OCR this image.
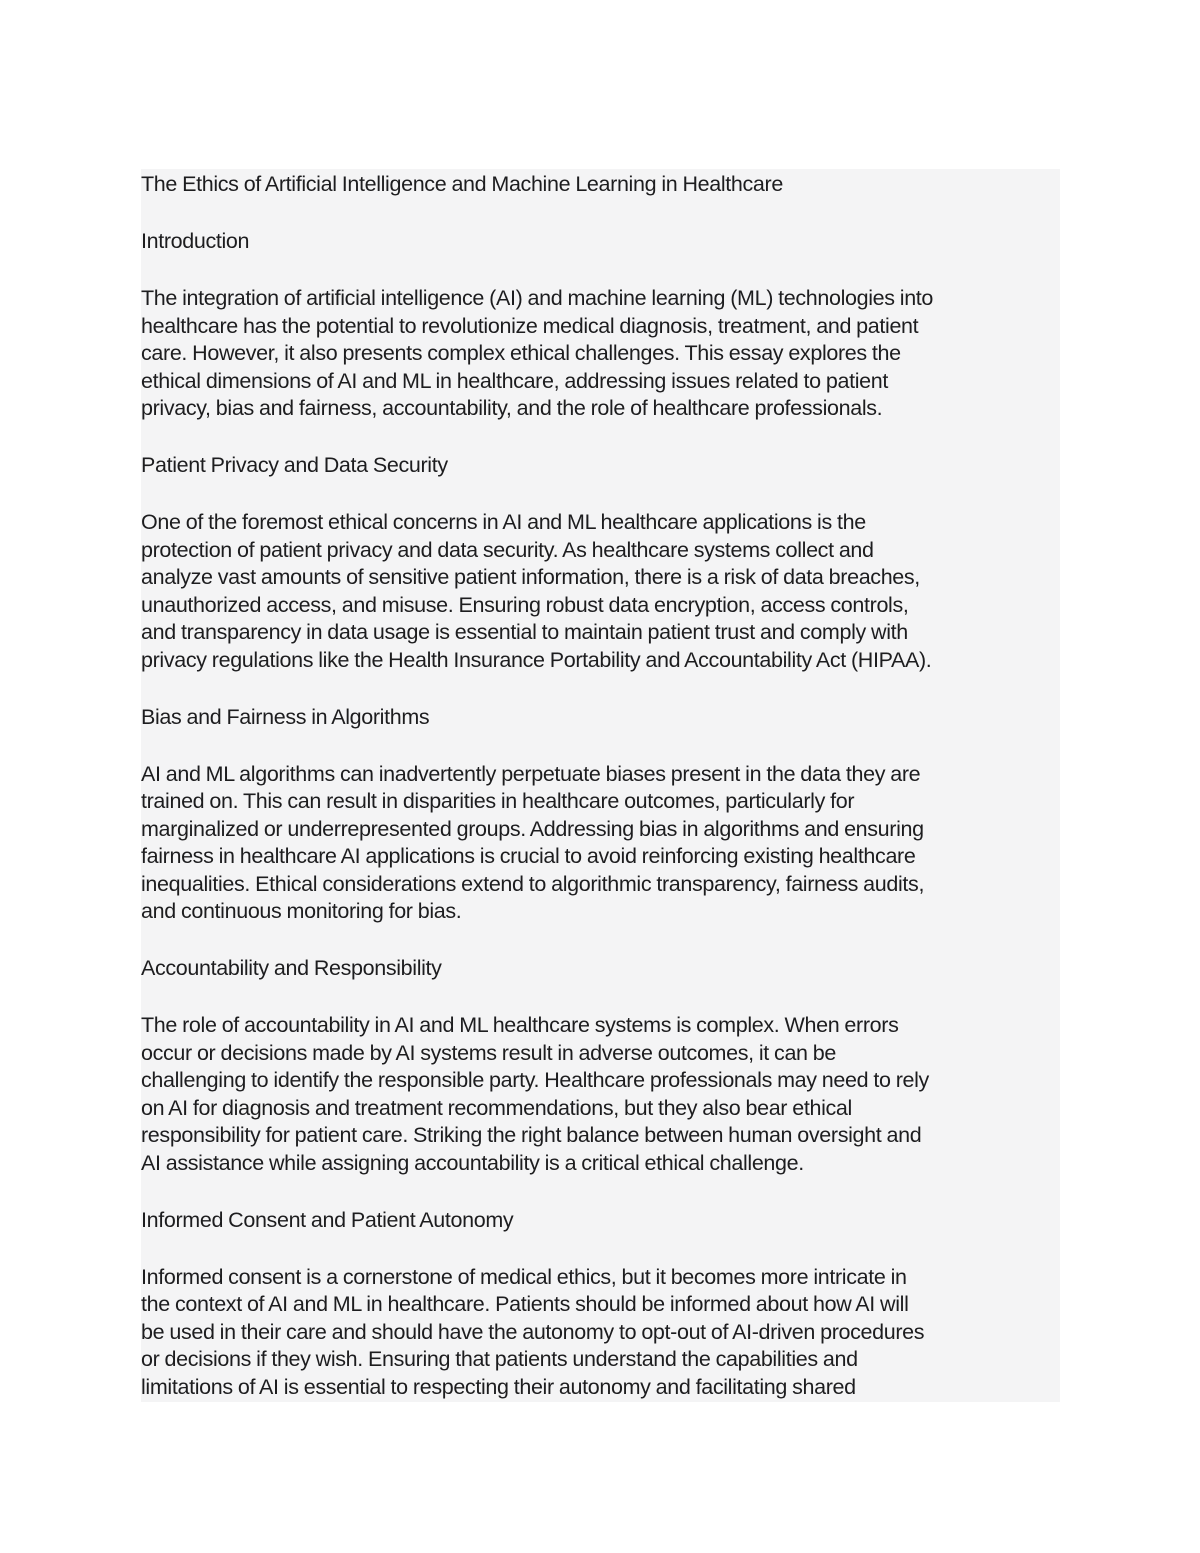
The Ethics of Artificial Intelligence and Machine Learning in Healthcare
Introduction
The integration of artificial intelligence (AI) and machine learning (ML) technologies into
healthcare has the potential to revolutionize medical diagnosis, treatment, and patient
care. However, it also presents complex ethical challenges. This essay explores the
ethical dimensions of AI and ML in healthcare, addressing issues related to patient
privacy, bias and fairness, accountability, and the role of healthcare professionals.
Patient Privacy and Data Security
One of the foremost ethical concerns in AI and ML healthcare applications is the
protection of patient privacy and data security. As healthcare systems collect and
analyze vast amounts of sensitive patient information, there is a risk of data breaches,
unauthorized access, and misuse. Ensuring robust data encryption, access controls,
and transparency in data usage is essential to maintain patient trust and comply with
privacy regulations like the Health Insurance Portability and Accountability Act (HIPAA).
Bias and Fairness in Algorithms
AI and ML algorithms can inadvertently perpetuate biases present in the data they are
trained on. This can result in disparities in healthcare outcomes, particularly for
marginalized or underrepresented groups. Addressing bias in algorithms and ensuring
fairness in healthcare AI applications is crucial to avoid reinforcing existing healthcare
inequalities. Ethical considerations extend to algorithmic transparency, fairness audits,
and continuous monitoring for bias.
Accountability and Responsibility
The role of accountability in AI and ML healthcare systems is complex. When errors
occur or decisions made by AI systems result in adverse outcomes, it can be
challenging to identify the responsible party. Healthcare professionals may need to rely
on AI for diagnosis and treatment recommendations, but they also bear ethical
responsibility for patient care. Striking the right balance between human oversight and
AI assistance while assigning accountability is a critical ethical challenge.
Informed Consent and Patient Autonomy
Informed consent is a cornerstone of medical ethics, but it becomes more intricate in
the context of AI and ML in healthcare. Patients should be informed about how AI will
be used in their care and should have the autonomy to opt-out of AI-driven procedures
or decisions if they wish. Ensuring that patients understand the capabilities and
limitations of AI is essential to respecting their autonomy and facilitating shared
